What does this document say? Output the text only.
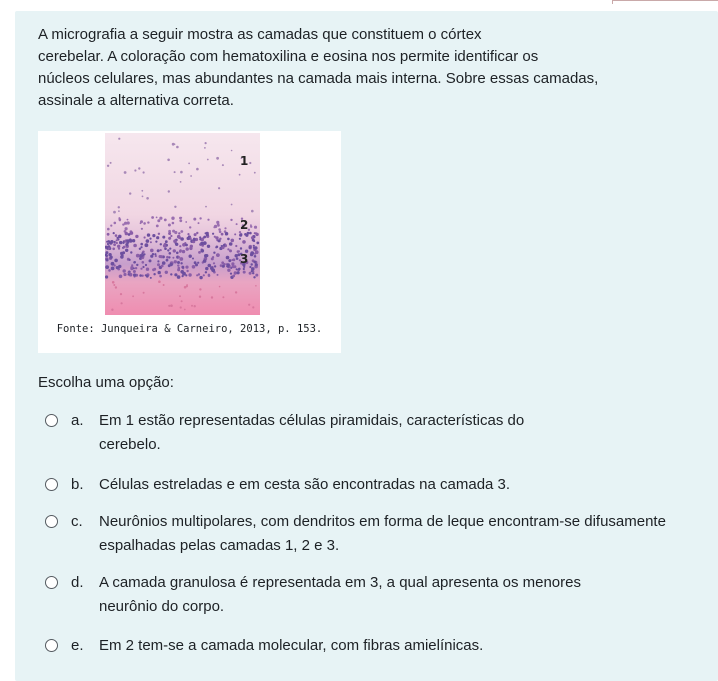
A micrografia a seguir mostra as camadas que constituem o córtex
cerebelar. A coloração com hematoxilina e eosina nos permite identificar os
núcleos celulares, mas abundantes na camada mais interna. Sobre essas camadas,
assinale a alternativa correta.

1
2
3
Fonte: Junqueira & Carneiro, 2013, p. 153.

Escolha uma opção:

a.	Em 1 estão representadas células piramidais, características do
cerebelo.
b.	Células estreladas e em cesta são encontradas na camada 3.
c.	Neurônios multipolares, com dendritos em forma de leque encontram-se difusamente
espalhadas pelas camadas 1, 2 e 3.
d.	A camada granulosa é representada em 3, a qual apresenta os menores
neurônio do corpo.
e.	Em 2 tem-se a camada molecular, com fibras amielínicas.
